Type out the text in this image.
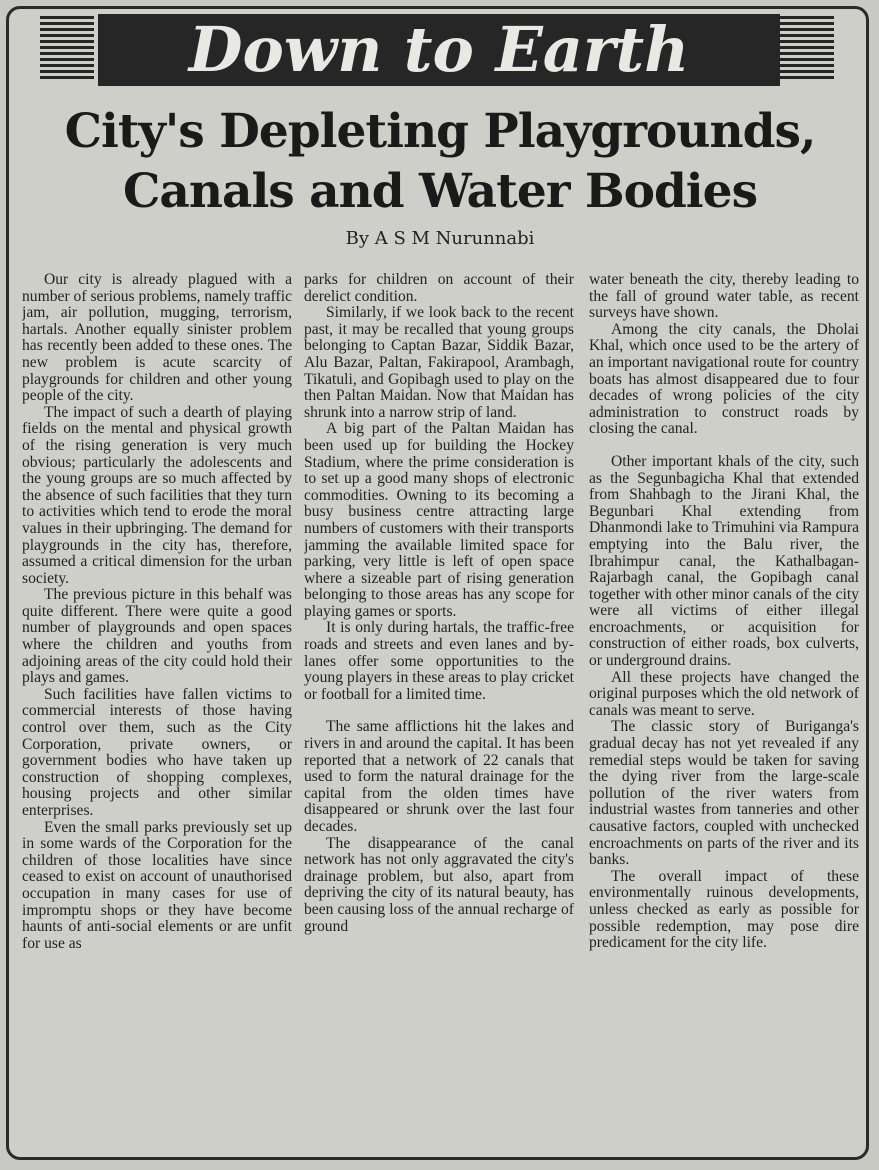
Down to Earth
City's Depleting Playgrounds,
Canals and Water Bodies
By A S M Nurunnabi

Our city is already plagued with a number of serious problems, namely traffic jam, air pollution, mugging, terrorism, hartals. Another equally sinister problem has recently been added to these ones. The new problem is acute scarcity of playgrounds for children and other young people of the city.

The impact of such a dearth of playing fields on the mental and physical growth of the rising generation is very much obvious; particularly the adolescents and the young groups are so much affected by the absence of such facilities that they turn to activities which tend to erode the moral values in their upbringing. The demand for playgrounds in the city has, therefore, assumed a critical dimension for the urban society.

The previous picture in this behalf was quite different. There were quite a good number of playgrounds and open spaces where the children and youths from adjoining areas of the city could hold their plays and games.

Such facilities have fallen victims to commercial interests of those having control over them, such as the City Corporation, private owners, or government bodies who have taken up construction of shopping complexes, housing projects and other similar enterprises.

Even the small parks previously set up in some wards of the Corporation for the children of those localities have since ceased to exist on account of unauthorised occupation in many cases for use of impromptu shops or they have become haunts of anti-social elements or are unfit for use as

parks for children on account of their derelict condition.

Similarly, if we look back to the recent past, it may be recalled that young groups belonging to Captan Bazar, Siddik Bazar, Alu Bazar, Paltan, Fakirapool, Arambagh, Tikatuli, and Gopibagh used to play on the then Paltan Maidan. Now that Maidan has shrunk into a narrow strip of land.

A big part of the Paltan Maidan has been used up for building the Hockey Stadium, where the prime consideration is to set up a good many shops of electronic commodities. Owning to its becoming a busy business centre attracting large numbers of customers with their transports jamming the available limited space for parking, very little is left of open space where a sizeable part of rising generation belonging to those areas has any scope for playing games or sports.

It is only during hartals, the traffic-free roads and streets and even lanes and by-lanes offer some opportunities to the young players in these areas to play cricket or football for a limited time.

The same afflictions hit the lakes and rivers in and around the capital. It has been reported that a network of 22 canals that used to form the natural drainage for the capital from the olden times have disappeared or shrunk over the last four decades.

The disappearance of the canal network has not only aggravated the city's drainage problem, but also, apart from depriving the city of its natural beauty, has been causing loss of the annual recharge of ground

water beneath the city, thereby leading to the fall of ground water table, as recent surveys have shown.

Among the city canals, the Dholai Khal, which once used to be the artery of an important navigational route for country boats has almost disappeared due to four decades of wrong policies of the city administration to construct roads by closing the canal.

Other important khals of the city, such as the Segunbagicha Khal that extended from Shahbagh to the Jirani Khal, the Begunbari Khal extending from Dhanmondi lake to Trimuhini via Rampura emptying into the Balu river, the Ibrahimpur canal, the Kathalbagan-Rajarbagh canal, the Gopibagh canal together with other minor canals of the city were all victims of either illegal encroachments, or acquisition for construction of either roads, box culverts, or underground drains.

All these projects have changed the original purposes which the old network of canals was meant to serve.

The classic story of Buriganga's gradual decay has not yet revealed if any remedial steps would be taken for saving the dying river from the large-scale pollution of the river waters from industrial wastes from tanneries and other causative factors, coupled with unchecked encroachments on parts of the river and its banks.

The overall impact of these environmentally ruinous developments, unless checked as early as possible for possible redemption, may pose dire predicament for the city life.
